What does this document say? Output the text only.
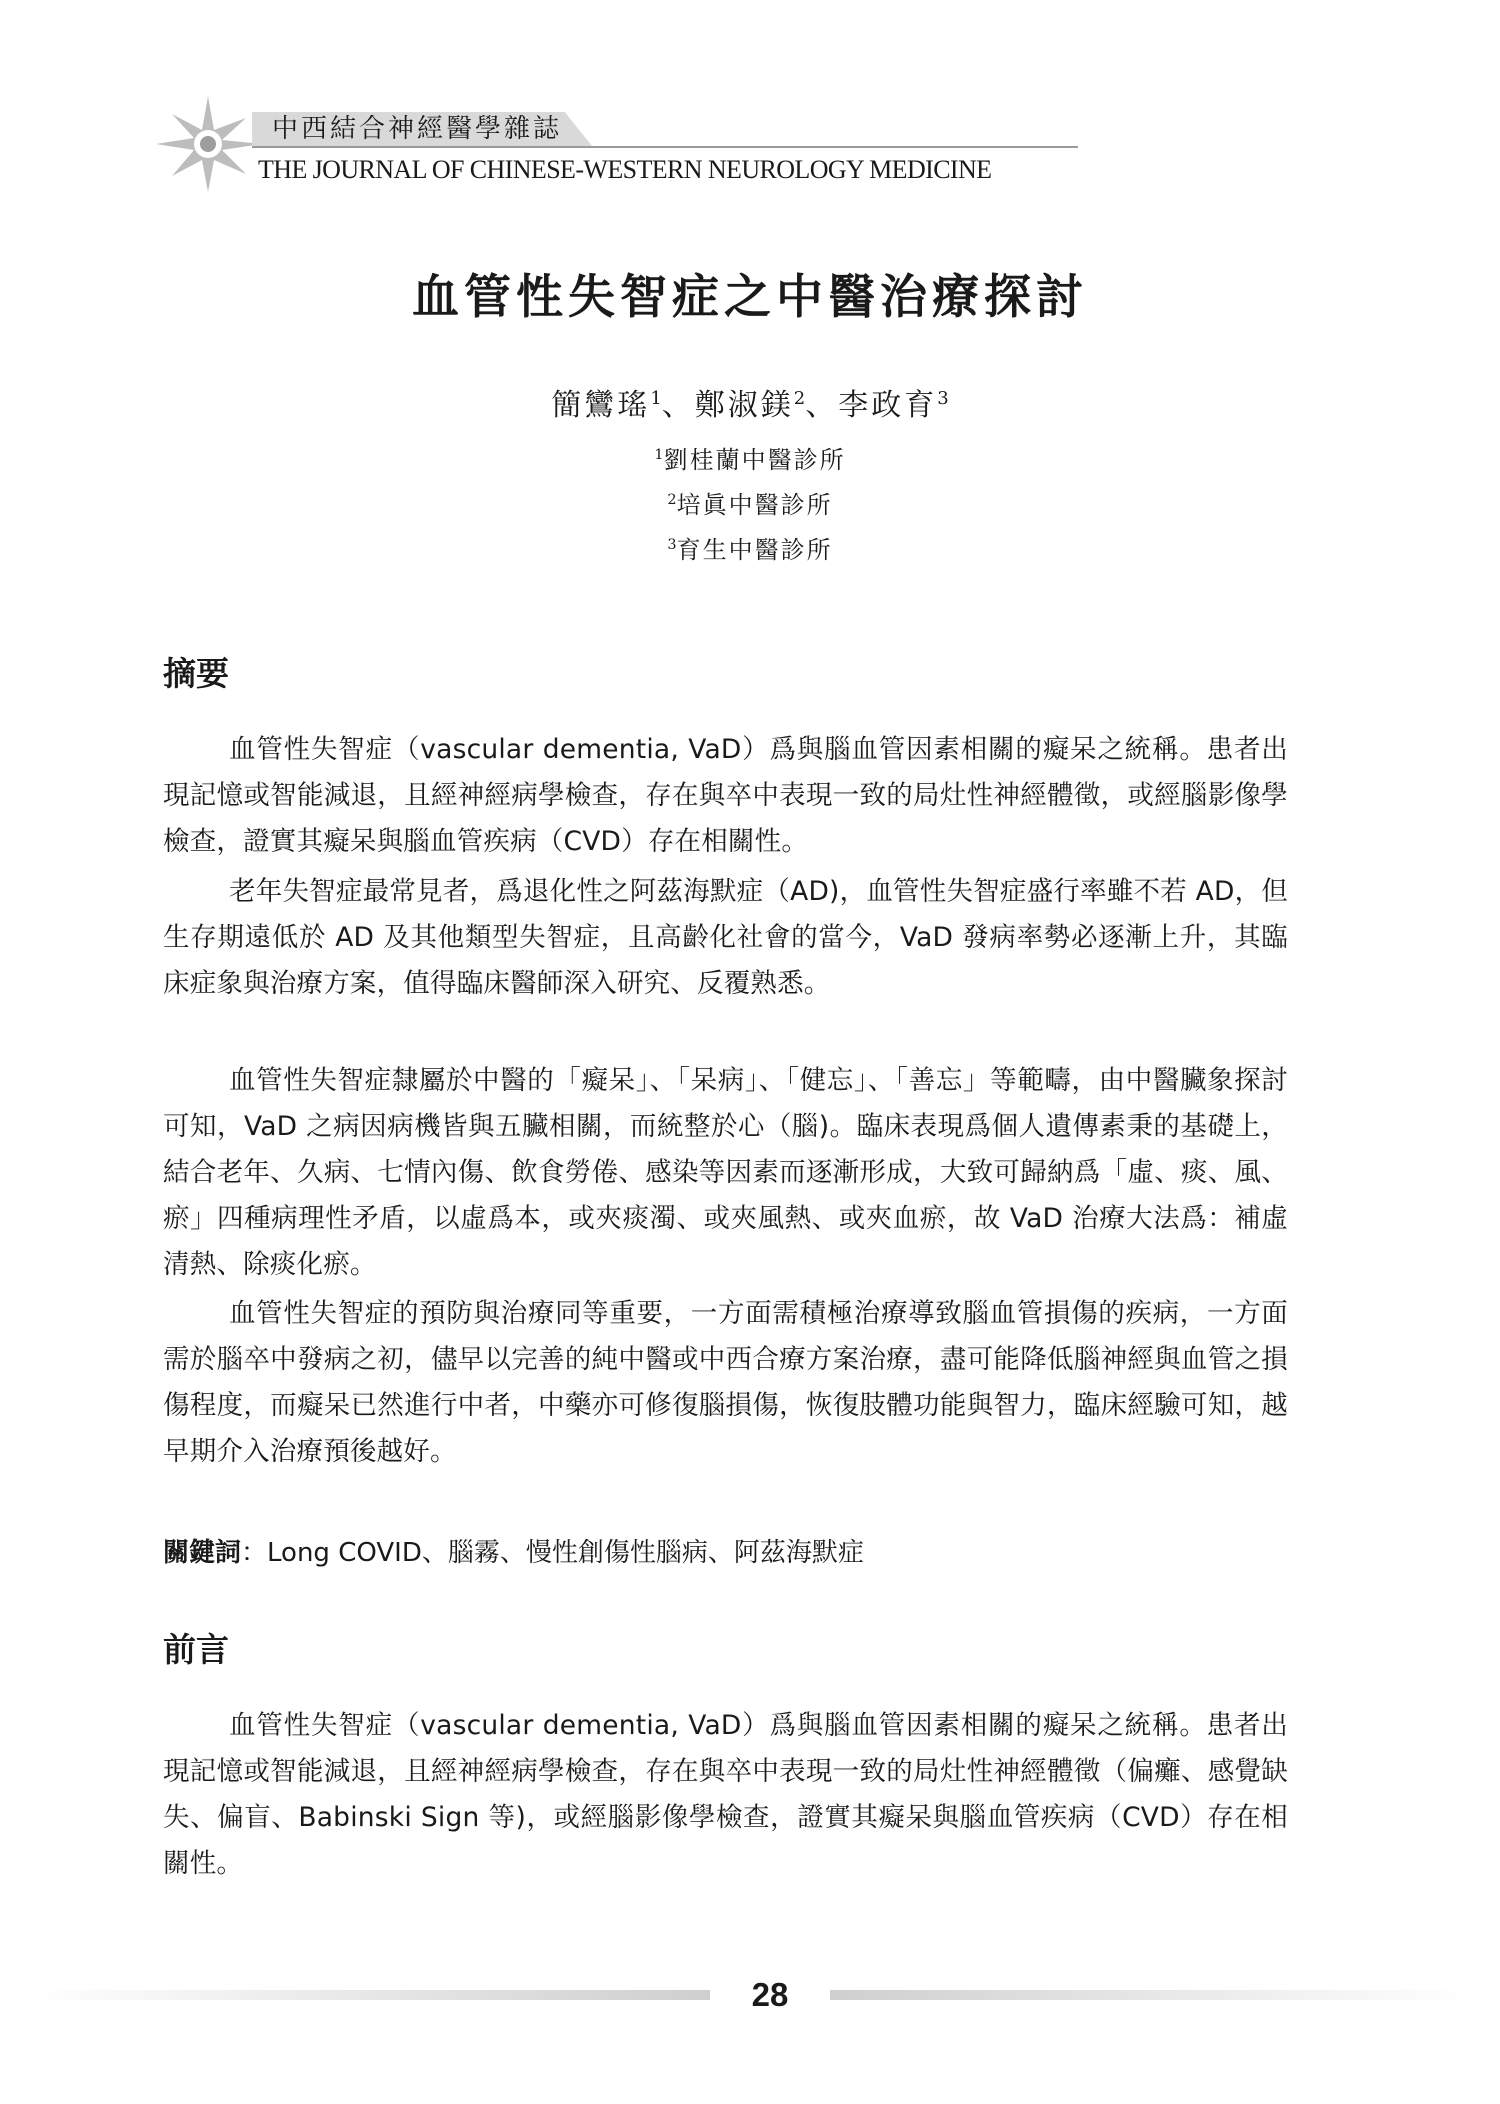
中西結合神經醫學雜誌
THE JOURNAL OF CHINESE-WESTERN NEUROLOGY MEDICINE
血管性失智症之中醫治療探討
簡鸞瑤$^1$、鄭淑鎂$^2$、李政育$^3$
$^1$劉桂蘭中醫診所
$^2$培眞中醫診所
$^3$育生中醫診所
摘要

血管性失智症（vascular dementia, VaD）爲與腦血管因素相關的癡呆之統稱。患者出現記憶或智能減退，且經神經病學檢查，存在與卒中表現一致的局灶性神經體徵，或經腦影像學檢查，證實其癡呆與腦血管疾病（CVD）存在相關性。

老年失智症最常見者，爲退化性之阿茲海默症（AD)，血管性失智症盛行率雖不若 AD，但生存期遠低於 AD 及其他類型失智症，且高齡化社會的當今，VaD 發病率勢必逐漸上升，其臨床症象與治療方案，值得臨床醫師深入研究、反覆熟悉。

血管性失智症隸屬於中醫的「癡呆」、「呆病」、「健忘」、「善忘」等範疇，由中醫臟象探討可知，VaD 之病因病機皆與五臟相關，而統整於心（腦)。臨床表現爲個人遺傳素秉的基礎上，結合老年、久病、七情內傷、飲食勞倦、感染等因素而逐漸形成，大致可歸納爲「虛、痰、風、瘀」四種病理性矛盾，以虛爲本，或夾痰濁、或夾風熱、或夾血瘀，故 VaD 治療大法爲：補虛清熱、除痰化瘀。

血管性失智症的預防與治療同等重要，一方面需積極治療導致腦血管損傷的疾病，一方面需於腦卒中發病之初，儘早以完善的純中醫或中西合療方案治療，盡可能降低腦神經與血管之損傷程度，而癡呆已然進行中者，中藥亦可修復腦損傷，恢復肢體功能與智力，臨床經驗可知，越早期介入治療預後越好。

關鍵詞：Long COVID、腦霧、慢性創傷性腦病、阿茲海默症
前言

血管性失智症（vascular dementia, VaD）爲與腦血管因素相關的癡呆之統稱。患者出現記憶或智能減退，且經神經病學檢查，存在與卒中表現一致的局灶性神經體徵（偏癱、感覺缺失、偏盲、Babinski Sign 等)，或經腦影像學檢查，證實其癡呆與腦血管疾病（CVD）存在相關性。

28
